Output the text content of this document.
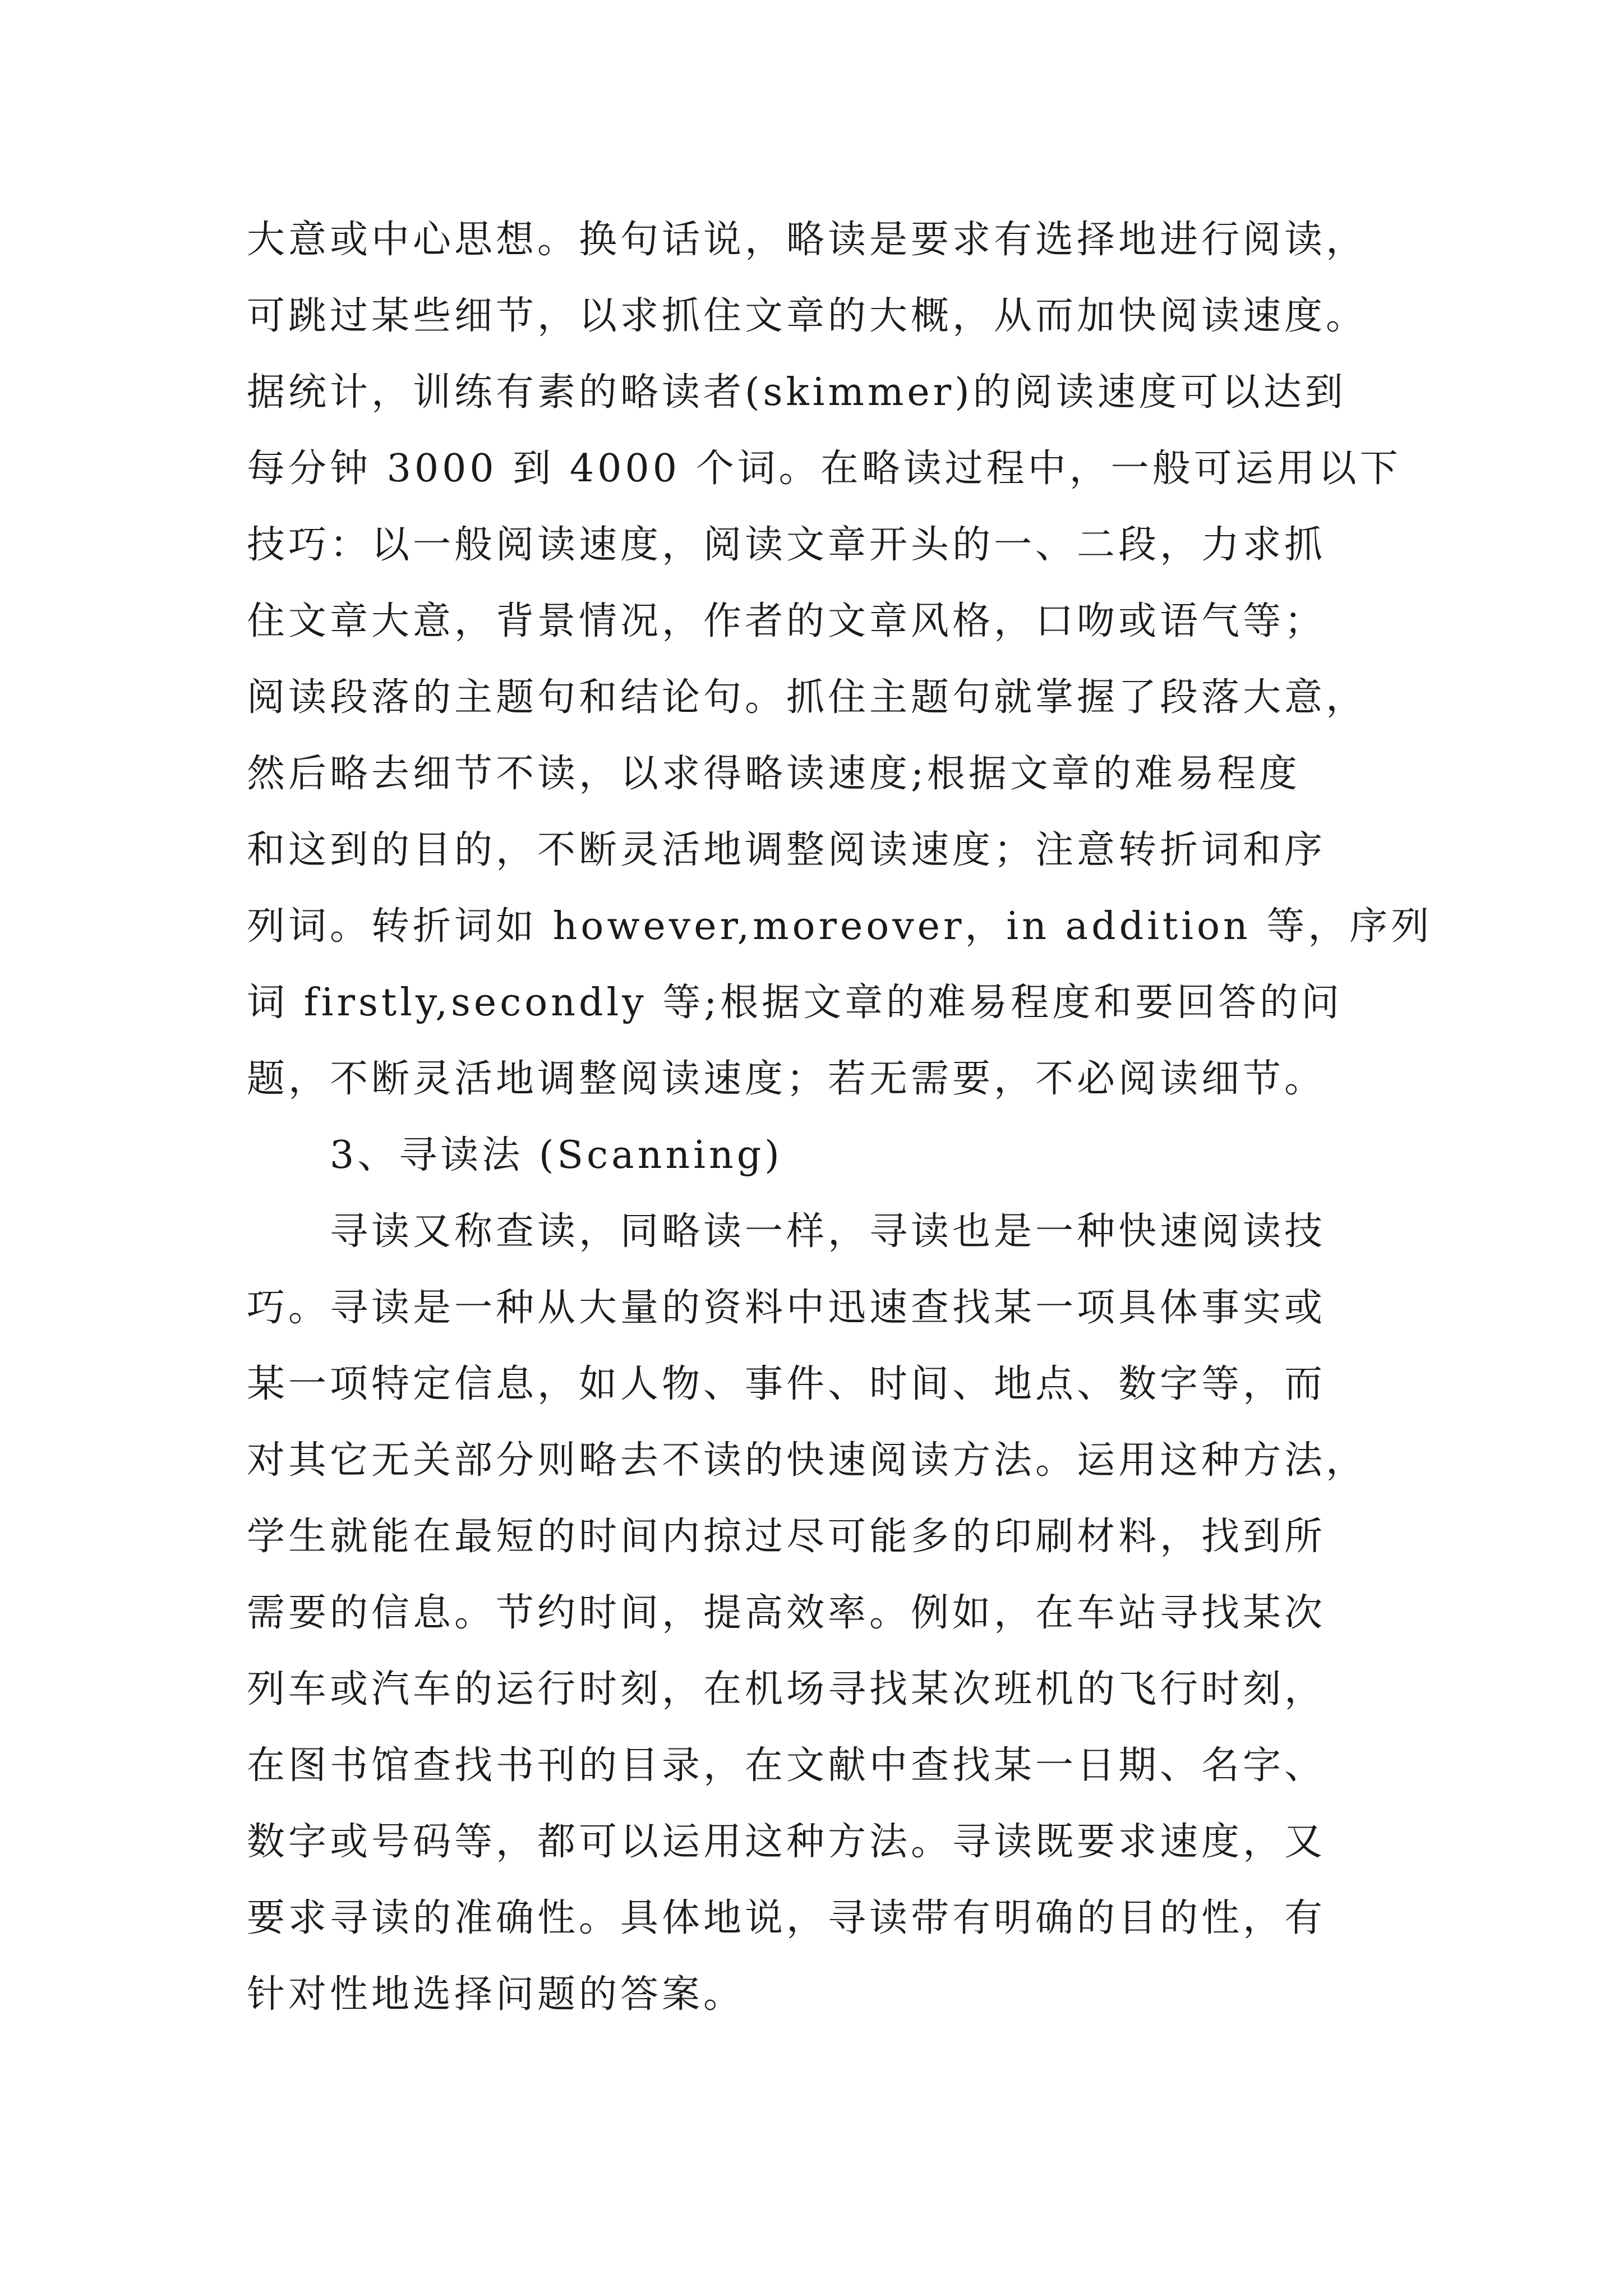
大意或中心思想。换句话说，略读是要求有选择地进行阅读，
可跳过某些细节，以求抓住文章的大概，从而加快阅读速度。
据统计，训练有素的略读者(skimmer)的阅读速度可以达到
每分钟 3000 到 4000 个词。在略读过程中，一般可运用以下
技巧：以一般阅读速度，阅读文章开头的一、二段，力求抓
住文章大意，背景情况，作者的文章风格，口吻或语气等；
阅读段落的主题句和结论句。抓住主题句就掌握了段落大意，
然后略去细节不读，以求得略读速度;根据文章的难易程度
和这到的目的，不断灵活地调整阅读速度；注意转折词和序
列词。转折词如 however,moreover，in addition 等，序列
词 firstly,secondly 等;根据文章的难易程度和要回答的问
题，不断灵活地调整阅读速度；若无需要，不必阅读细节。
3、寻读法 (Scanning)
寻读又称查读，同略读一样，寻读也是一种快速阅读技
巧。寻读是一种从大量的资料中迅速查找某一项具体事实或
某一项特定信息，如人物、事件、时间、地点、数字等，而
对其它无关部分则略去不读的快速阅读方法。运用这种方法，
学生就能在最短的时间内掠过尽可能多的印刷材料，找到所
需要的信息。节约时间，提高效率。例如，在车站寻找某次
列车或汽车的运行时刻，在机场寻找某次班机的飞行时刻，
在图书馆查找书刊的目录，在文献中查找某一日期、名字、
数字或号码等，都可以运用这种方法。寻读既要求速度，又
要求寻读的准确性。具体地说，寻读带有明确的目的性，有
针对性地选择问题的答案。
